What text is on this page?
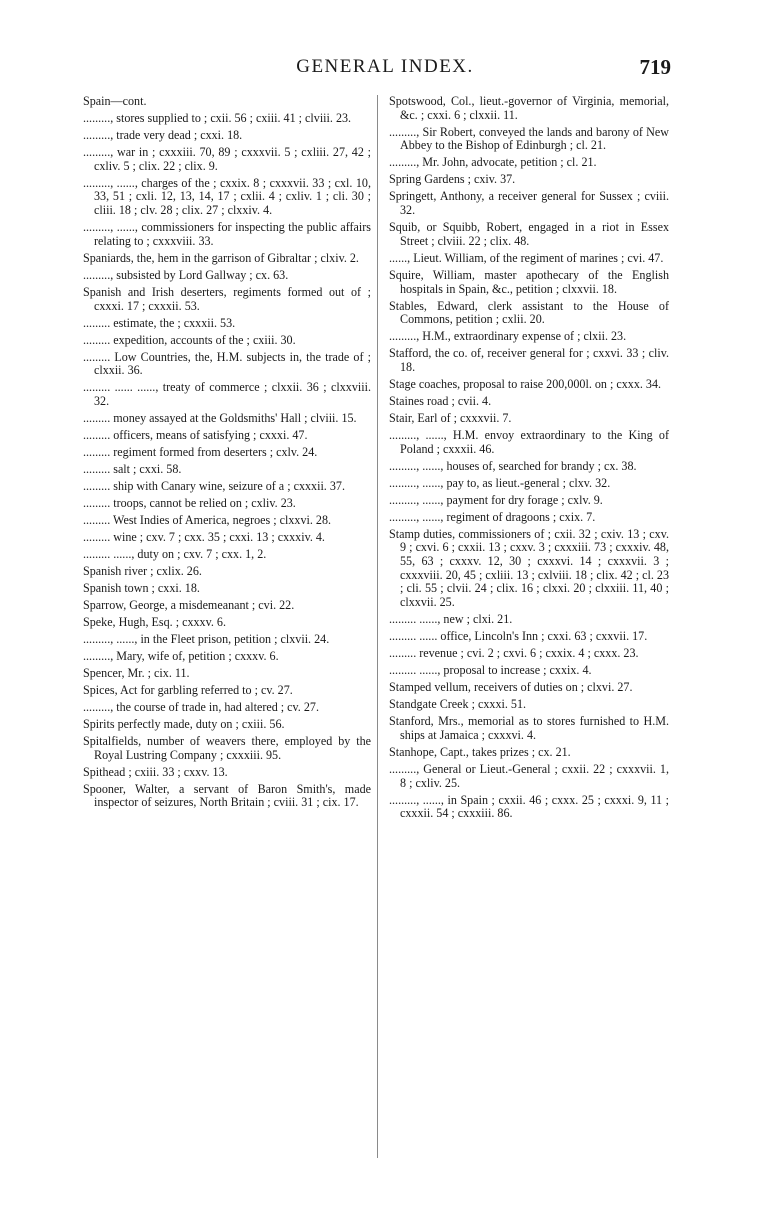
GENERAL INDEX.	719

Spain—cont.

........., stores supplied to ; cxii. 56 ; cxiii. 41 ; clviii. 23.

........., trade very dead ; cxxi. 18.

........., war in ; cxxxiii. 70, 89 ; cxxxvii. 5 ; cxliii. 27, 42 ; cxliv. 5 ; clix. 22 ; clix. 9.

........., ......, charges of the ; cxxix. 8 ; cxxxvii. 33 ; cxl. 10, 33, 51 ; cxli. 12, 13, 14, 17 ; cxlii. 4 ; cxliv. 1 ; cli. 30 ; cliii. 18 ; clv. 28 ; clix. 27 ; clxxiv. 4.

........., ......, commissioners for inspecting the public affairs relating to ; cxxxviii. 33.

Spaniards, the, hem in the garrison of Gibraltar ; clxiv. 2.

........., subsisted by Lord Gallway ; cx. 63.

Spanish and Irish deserters, regiments formed out of ; cxxxi. 17 ; cxxxii. 53.

......... estimate, the ; cxxxii. 53.

......... expedition, accounts of the ; cxiii. 30.

......... Low Countries, the, H.M. subjects in, the trade of ; clxxii. 36.

......... ...... ......, treaty of commerce ; clxxii. 36 ; clxxviii. 32.

......... money assayed at the Goldsmiths' Hall ; clviii. 15.

......... officers, means of satisfying ; cxxxi. 47.

......... regiment formed from deserters ; cxlv. 24.

......... salt ; cxxi. 58.

......... ship with Canary wine, seizure of a ; cxxxii. 37.

......... troops, cannot be relied on ; cxliv. 23.

......... West Indies of America, negroes ; clxxvi. 28.

......... wine ; cxv. 7 ; cxx. 35 ; cxxi. 13 ; cxxxiv. 4.

......... ......, duty on ; cxv. 7 ; cxx. 1, 2.

Spanish river ; cxlix. 26.

Spanish town ; cxxi. 18.

Sparrow, George, a misdemeanant ; cvi. 22.

Speke, Hugh, Esq. ; cxxxv. 6.

........., ......, in the Fleet prison, petition ; clxvii. 24.

........., Mary, wife of, petition ; cxxxv. 6.

Spencer, Mr. ; cix. 11.

Spices, Act for garbling referred to ; cv. 27.

........., the course of trade in, had altered ; cv. 27.

Spirits perfectly made, duty on ; cxiii. 56.

Spitalfields, number of weavers there, employed by the Royal Lustring Company ; cxxxiii. 95.

Spithead ; cxiii. 33 ; cxxv. 13.

Spooner, Walter, a servant of Baron Smith's, made inspector of seizures, North Britain ; cviii. 31 ; cix. 17.

Spotswood, Col., lieut.-governor of Virginia, memorial, &c. ; cxxi. 6 ; clxxii. 11.

........., Sir Robert, conveyed the lands and barony of New Abbey to the Bishop of Edinburgh ; cl. 21.

........., Mr. John, advocate, petition ; cl. 21.

Spring Gardens ; cxiv. 37.

Springett, Anthony, a receiver general for Sussex ; cviii. 32.

Squib, or Squibb, Robert, engaged in a riot in Essex Street ; clviii. 22 ; clix. 48.

......, Lieut. William, of the regiment of marines ; cvi. 47.

Squire, William, master apothecary of the English hospitals in Spain, &c., petition ; clxxvii. 18.

Stables, Edward, clerk assistant to the House of Commons, petition ; cxlii. 20.

........., H.M., extraordinary expense of ; clxii. 23.

Stafford, the co. of, receiver general for ; cxxvi. 33 ; cliv. 18.

Stage coaches, proposal to raise 200,000l. on ; cxxx. 34.

Staines road ; cvii. 4.

Stair, Earl of ; cxxxvii. 7.

........., ......, H.M. envoy extraordinary to the King of Poland ; cxxxii. 46.

........., ......, houses of, searched for brandy ; cx. 38.

........., ......, pay to, as lieut.-general ; clxv. 32.

........., ......, payment for dry forage ; cxlv. 9.

........., ......, regiment of dragoons ; cxix. 7.

Stamp duties, commissioners of ; cxii. 32 ; cxiv. 13 ; cxv. 9 ; cxvi. 6 ; cxxii. 13 ; cxxv. 3 ; cxxxiii. 73 ; cxxxiv. 48, 55, 63 ; cxxxv. 12, 30 ; cxxxvi. 14 ; cxxxvii. 3 ; cxxxviii. 20, 45 ; cxliii. 13 ; cxlviii. 18 ; clix. 42 ; cl. 23 ; cli. 55 ; clvii. 24 ; clix. 16 ; clxxi. 20 ; clxxiii. 11, 40 ; clxxvii. 25.

......... ......, new ; clxi. 21.

......... ...... office, Lincoln's Inn ; cxxi. 63 ; cxxvii. 17.

......... revenue ; cvi. 2 ; cxvi. 6 ; cxxix. 4 ; cxxx. 23.

......... ......, proposal to increase ; cxxix. 4.

Stamped vellum, receivers of duties on ; clxvi. 27.

Standgate Creek ; cxxxi. 51.

Stanford, Mrs., memorial as to stores furnished to H.M. ships at Jamaica ; cxxxvi. 4.

Stanhope, Capt., takes prizes ; cx. 21.

........., General or Lieut.-General ; cxxii. 22 ; cxxxvii. 1, 8 ; cxliv. 25.

........., ......, in Spain ; cxxii. 46 ; cxxx. 25 ; cxxxi. 9, 11 ; cxxxii. 54 ; cxxxiii. 86.
